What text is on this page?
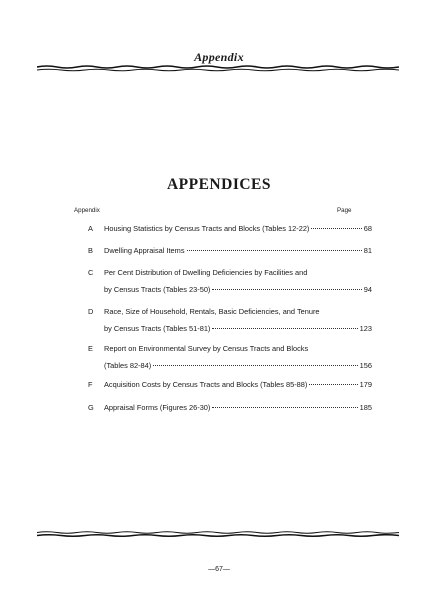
Appendix
APPENDICES
Appendix	Page
A	Housing Statistics by Census Tracts and Blocks (Tables 12-22)	68
B	Dwelling Appraisal Items	81
C	Per Cent Distribution of Dwelling Deficiencies by Facilities and
by Census Tracts (Tables 23-50)	94
D	Race, Size of Household, Rentals, Basic Deficiencies, and Tenure
by Census Tracts (Tables 51-81)	123
E	Report on Environmental Survey by Census Tracts and Blocks
(Tables 82-84)	156
F	Acquisition Costs by Census Tracts and Blocks (Tables 85-88)	179
G	Appraisal Forms (Figures 26-30)	185
—67—
